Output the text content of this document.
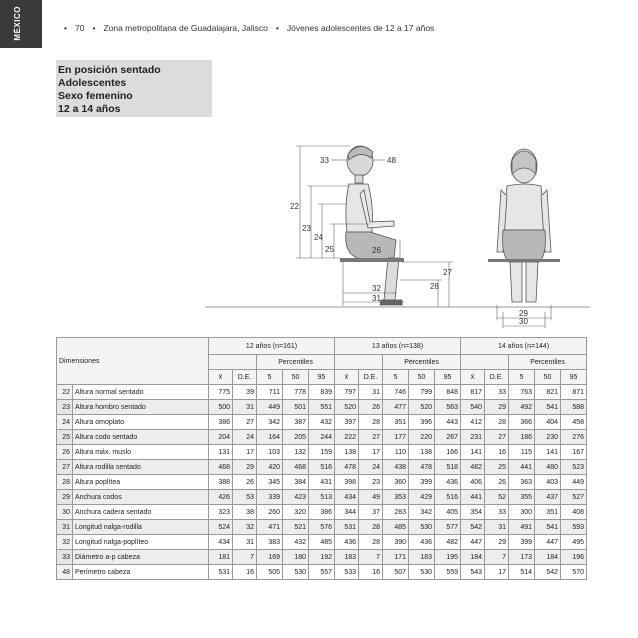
MÉXICO	• 70 • Zona metropolitana de Guadalajara, Jalisco • Jóvenes adolescentes de 12 a 17 años
En posición sentado
Adolescentes
Sexo femenino
12 a 14 años
33	48
22
23
24
25	26
27
28
32
31
29
30
Dimensiones		12 años (n=161)					13 años (n=138)					14 años (n=144)				
				Percentiles					Percentiles					Percentiles		
		x̄	D.E.	5	50	95	x̄	D.E.	5	50	95	x̄	D.E.	5	50	95
22	Altura normal sentado	775	39	711	778	839	797	31	746	799	848	817	33	763	821	871
23	Altura hombro sentado	500	31	449	501	551	520	26	477	520	563	540	29	492	541	588
24	Altura omoplato	386	27	342	387	432	397	28	351	396	443	412	28	366	404	458
25	Altura codo sentado	204	24	164	205	244	222	27	177	220	267	231	27	186	230	276
26	Altura máx. muslo	131	17	103	132	159	138	17	110	138	166	141	16	115	141	167
27	Altura rodilla sentado	468	29	420	468	516	478	24	438	478	518	482	25	441	480	523
28	Altura poplítea	388	26	345	384	431	398	23	360	399	436	406	26	363	403	449
29	Anchura codos	426	53	339	423	513	434	49	353	429	516	441	52	355	437	527
30	Anchura cadera sentado	323	38	260	320	386	344	37	283	342	405	354	33	300	351	408
31	Longitud nalga-rodilla	524	32	471	521	576	531	28	485	530	577	542	31	491	541	593
32	Longitud nalga-poplíteo	434	31	383	432	485	436	28	390	436	482	447	29	399	447	495
33	Diámetro a-p cabeza	181	7	169	180	192	183	7	171	183	195	184	7	173	184	196
48	Perímetro cabeza	531	16	505	530	557	533	16	507	530	559	543	17	514	542	570
